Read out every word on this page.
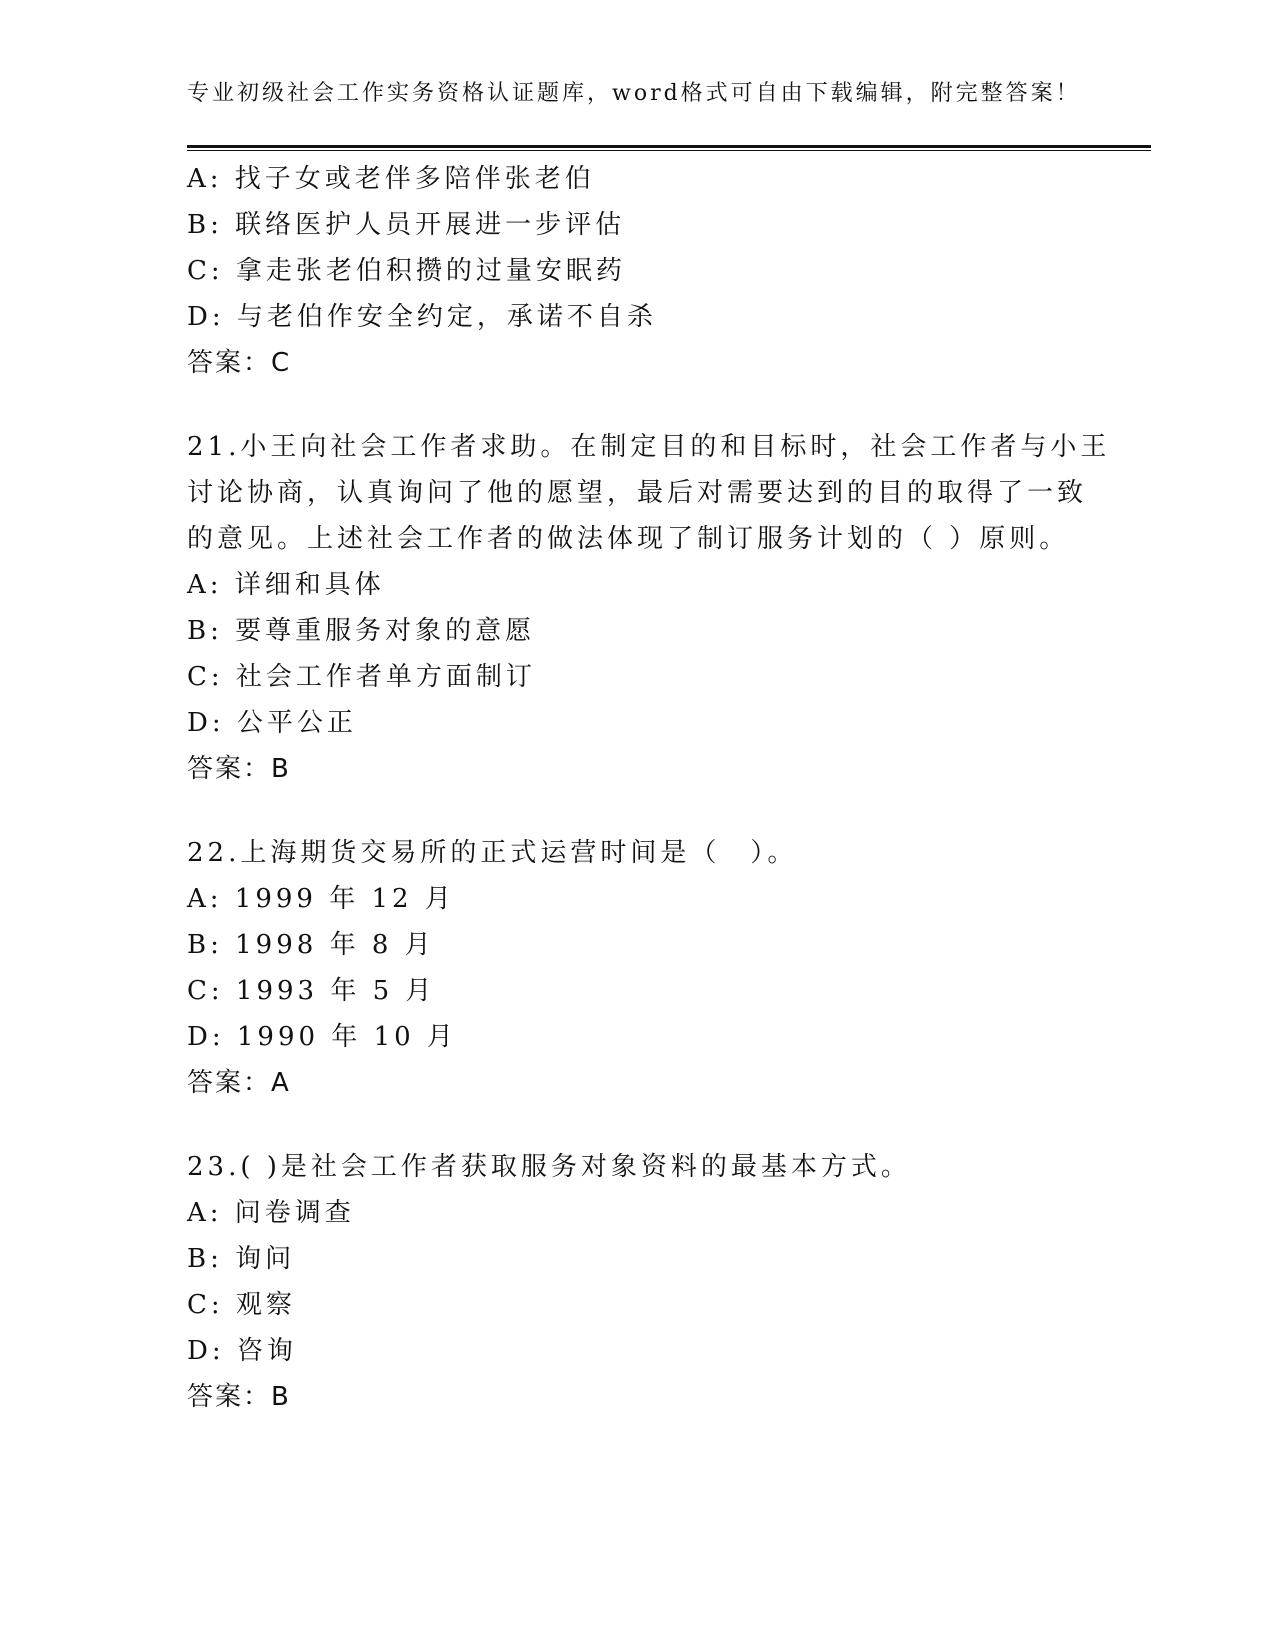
专业初级社会工作实务资格认证题库，word格式可自由下载编辑，附完整答案！
A: 找子女或老伴多陪伴张老伯
B: 联络医护人员开展进一步评估
C: 拿走张老伯积攒的过量安眠药
D: 与老伯作安全约定，承诺不自杀
答案：C
21.小王向社会工作者求助。在制定目的和目标时，社会工作者与小王
讨论协商，认真询问了他的愿望，最后对需要达到的目的取得了一致
的意见。上述社会工作者的做法体现了制订服务计划的（ ）原则。
A: 详细和具体
B: 要尊重服务对象的意愿
C: 社会工作者单方面制订
D: 公平公正
答案：B
22.上海期货交易所的正式运营时间是（　）。
A: 1999 年 12 月
B: 1998 年 8 月
C: 1993 年 5 月
D: 1990 年 10 月
答案：A
23.( )是社会工作者获取服务对象资料的最基本方式。
A: 问卷调查
B: 询问
C: 观察
D: 咨询
答案：B
